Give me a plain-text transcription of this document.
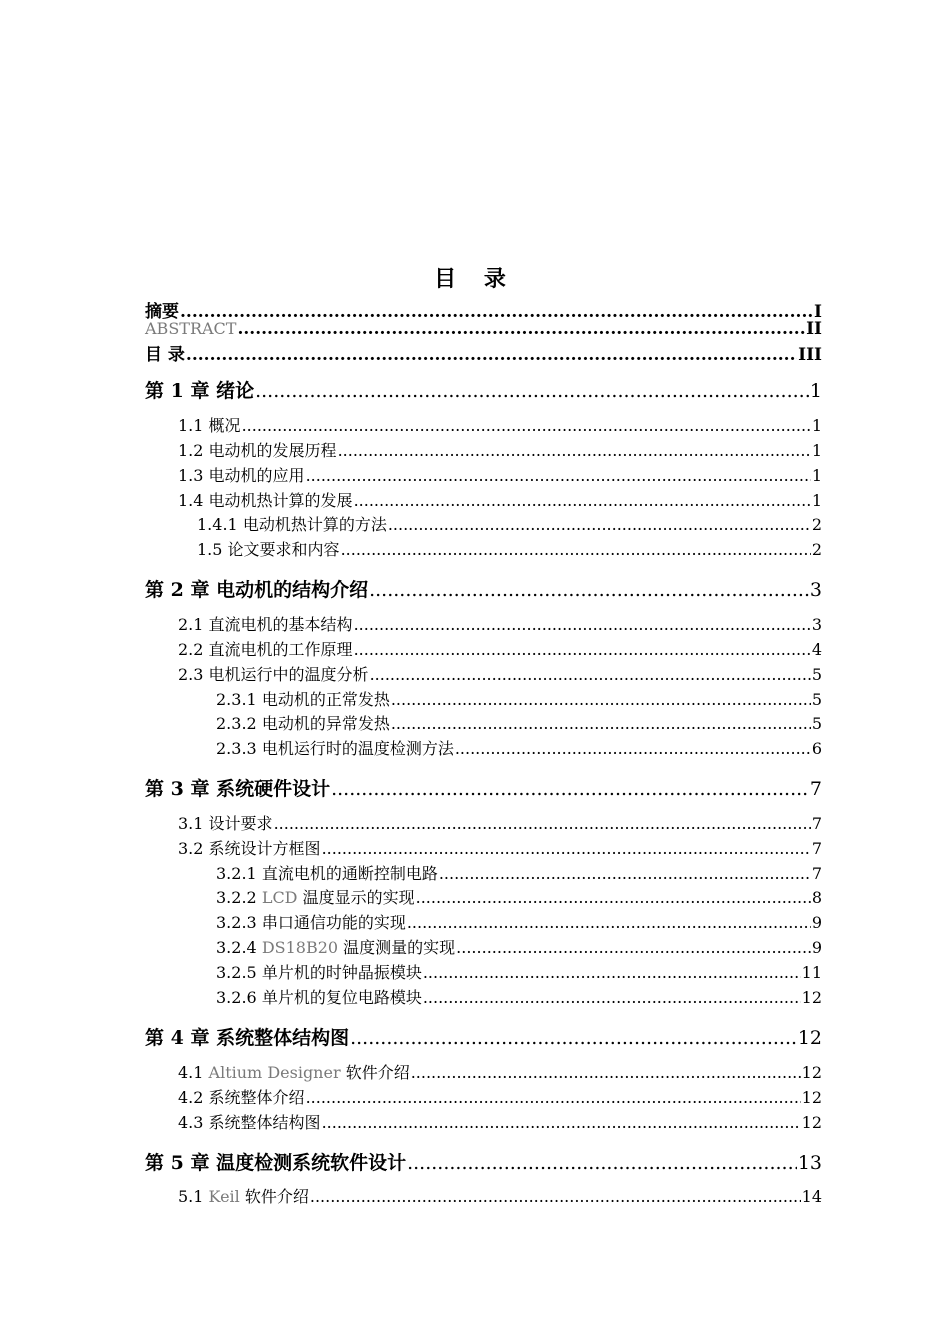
目 录
摘要 .....	I
ABSTRACT .....	II
目 录 .....	III
第 1 章 绪论 .....	1
1.1 概况 .....	1
1.2 电动机的发展历程 .....	1
1.3 电动机的应用 .....	1
1.4 电动机热计算的发展 .....	1
1.4.1 电动机热计算的方法 .....	2
1.5 论文要求和内容 .....	2
第 2 章 电动机的结构介绍 .....	3
2.1 直流电机的基本结构 .....	3
2.2 直流电机的工作原理 .....	4
2.3 电机运行中的温度分析 .....	5
2.3.1 电动机的正常发热 .....	5
2.3.2 电动机的异常发热 .....	5
2.3.3 电机运行时的温度检测方法 .....	6
第 3 章 系统硬件设计 .....	7
3.1 设计要求 .....	7
3.2 系统设计方框图 .....	7
3.2.1 直流电机的通断控制电路 .....	7
3.2.2 LCD 温度显示的实现 .....	8
3.2.3 串口通信功能的实现 .....	9
3.2.4 DS18B20 温度测量的实现 .....	9
3.2.5 单片机的时钟晶振模块 .....	11
3.2.6 单片机的复位电路模块 .....	12
第 4 章 系统整体结构图 .....	12
4.1 Altium Designer 软件介绍 .....	12
4.2 系统整体介绍 .....	12
4.3 系统整体结构图 .....	12
第 5 章 温度检测系统软件设计 .....	13
5.1 Keil 软件介绍 .....	14
